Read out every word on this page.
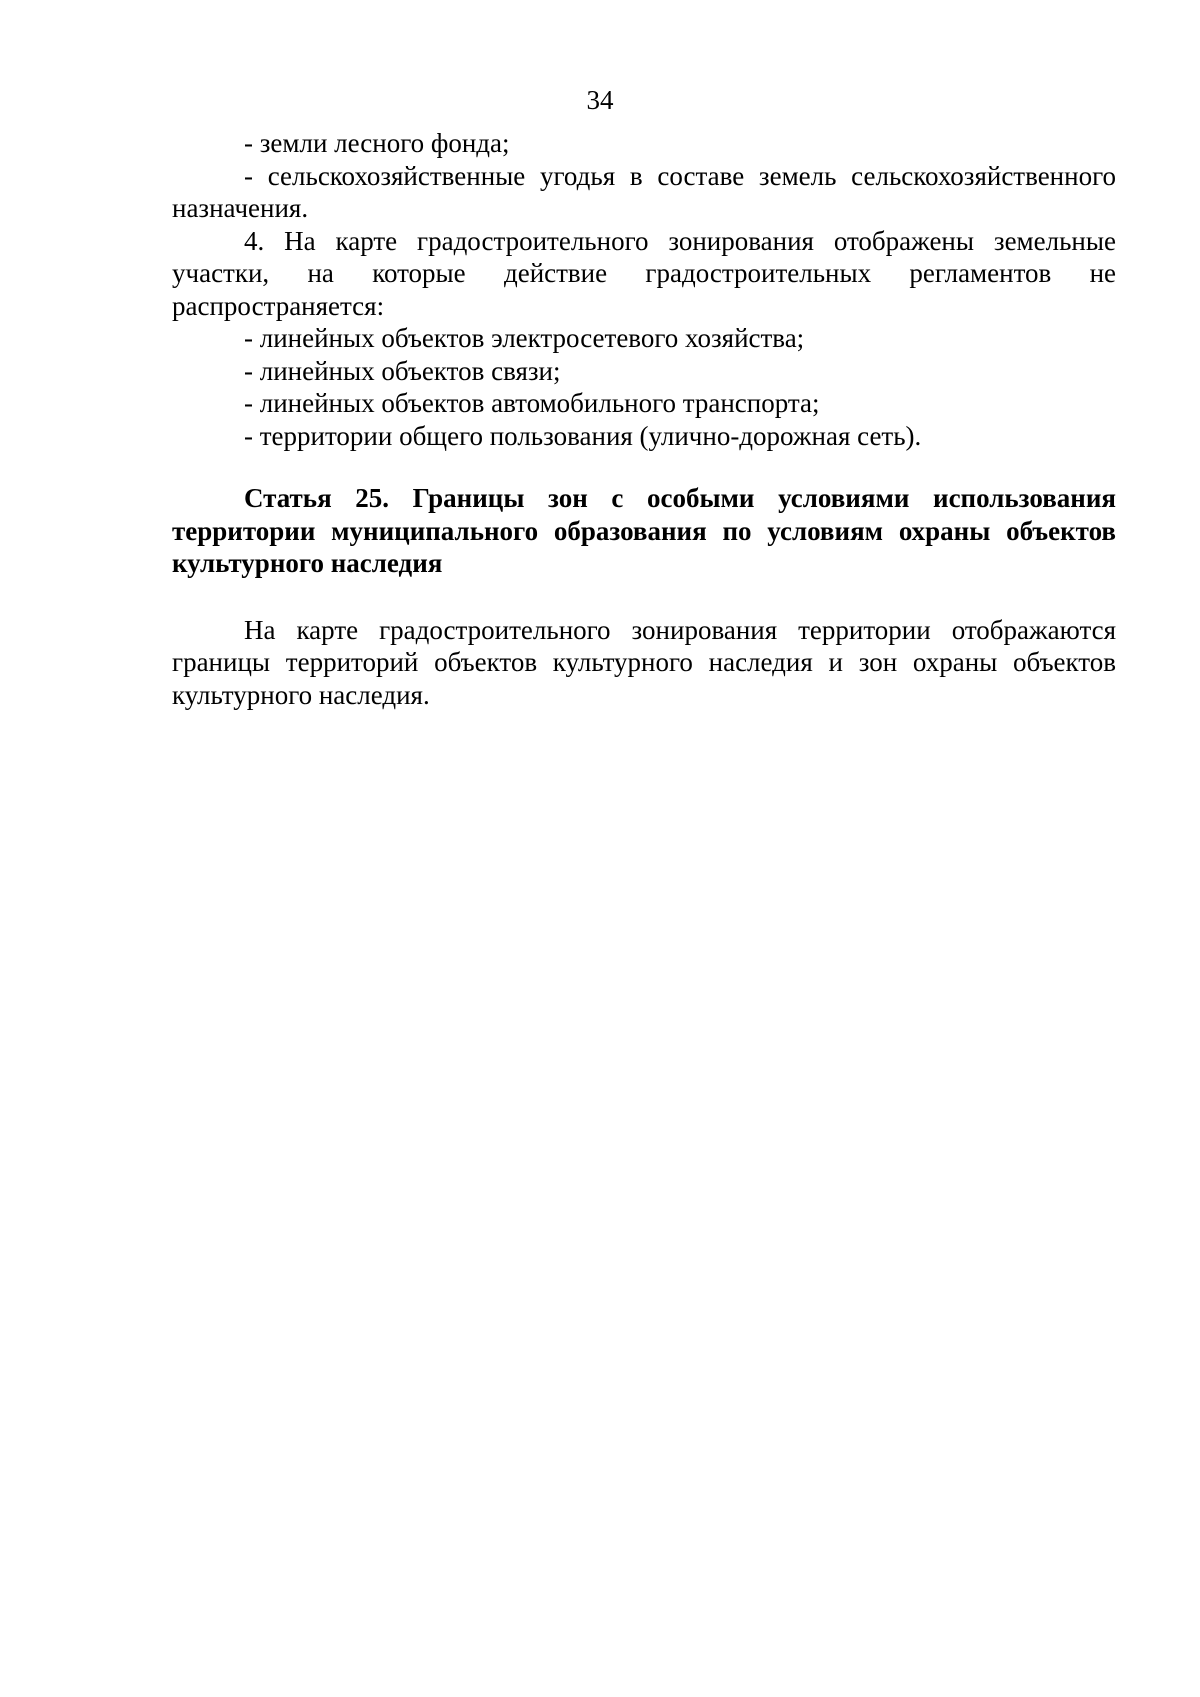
34

- земли лесного фонда;

- сельскохозяйственные угодья в составе земель сельскохозяйственного назначения.

4. На карте градостроительного зонирования отображены земельные участки, на которые действие градостроительных регламентов не распространяется:

- линейных объектов электросетевого хозяйства;

- линейных объектов связи;

- линейных объектов автомобильного транспорта;

- территории общего пользования (улично-дорожная сеть).

Статья 25. Границы зон с особыми условиями использования территории муниципального образования по условиям охраны объектов культурного наследия

На карте градостроительного зонирования территории отображаются границы территорий объектов культурного наследия и зон охраны объектов культурного наследия.
